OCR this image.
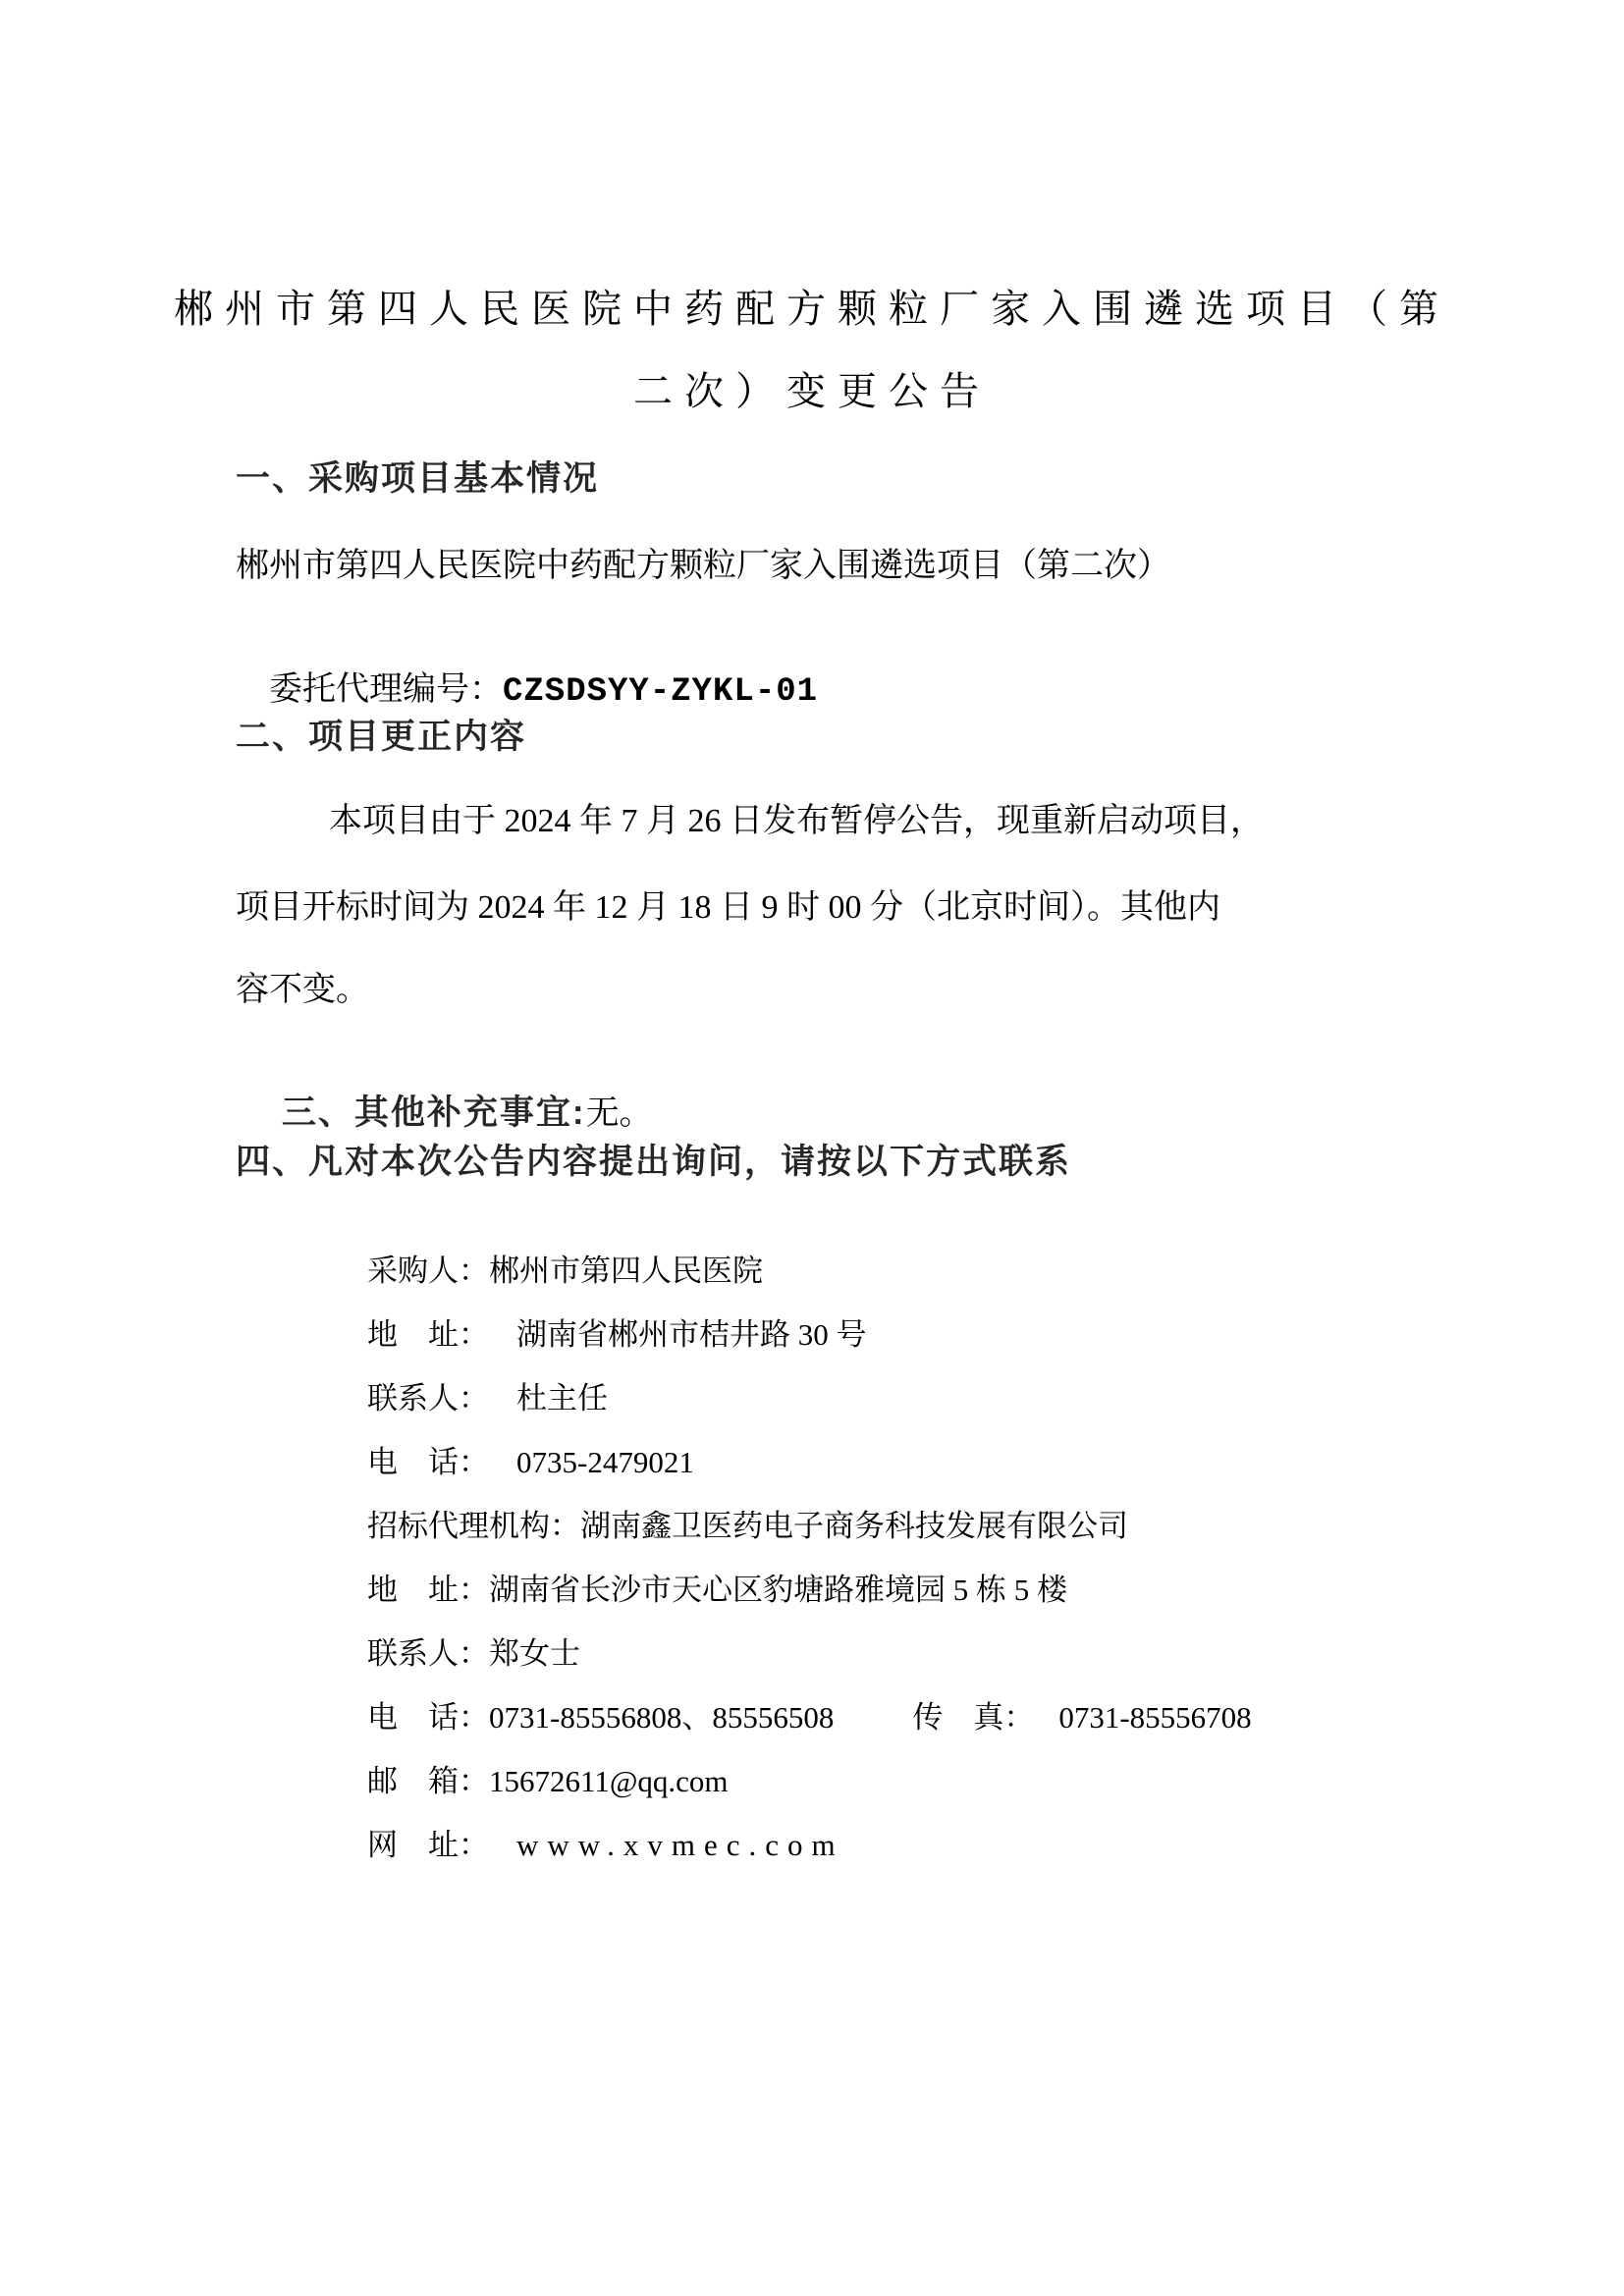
郴州市第四人民医院中药配方颗粒厂家入围遴选项目（第
二次）变更公告
一、采购项目基本情况
郴州市第四人民医院中药配方颗粒厂家入围遴选项目（第二次）

委托代理编号：CZSDSYY-ZYKL-01

二、项目更正内容
本项目由于 2024 年 7 月 26 日发布暂停公告，现重新启动项目，
项目开标时间为 2024 年 12 月 18 日 9 时 00 分（北京时间）。其他内
容不变。

三、其他补充事宜:无。

四、凡对本次公告内容提出询问，请按以下方式联系

采购人：郴州市第四人民医院

地　址： 湖南省郴州市桔井路 30 号

联系人： 杜主任

电　话： 0735-2479021

招标代理机构：湖南鑫卫医药电子商务科技发展有限公司

地　址：湖南省长沙市天心区豹塘路雅境园 5 栋 5 楼

联系人：郑女士

电　话：0731-85556808、85556508	传　真： 0731-85556708

邮　箱：15672611@qq.com

网　址： www.xvmec.com
